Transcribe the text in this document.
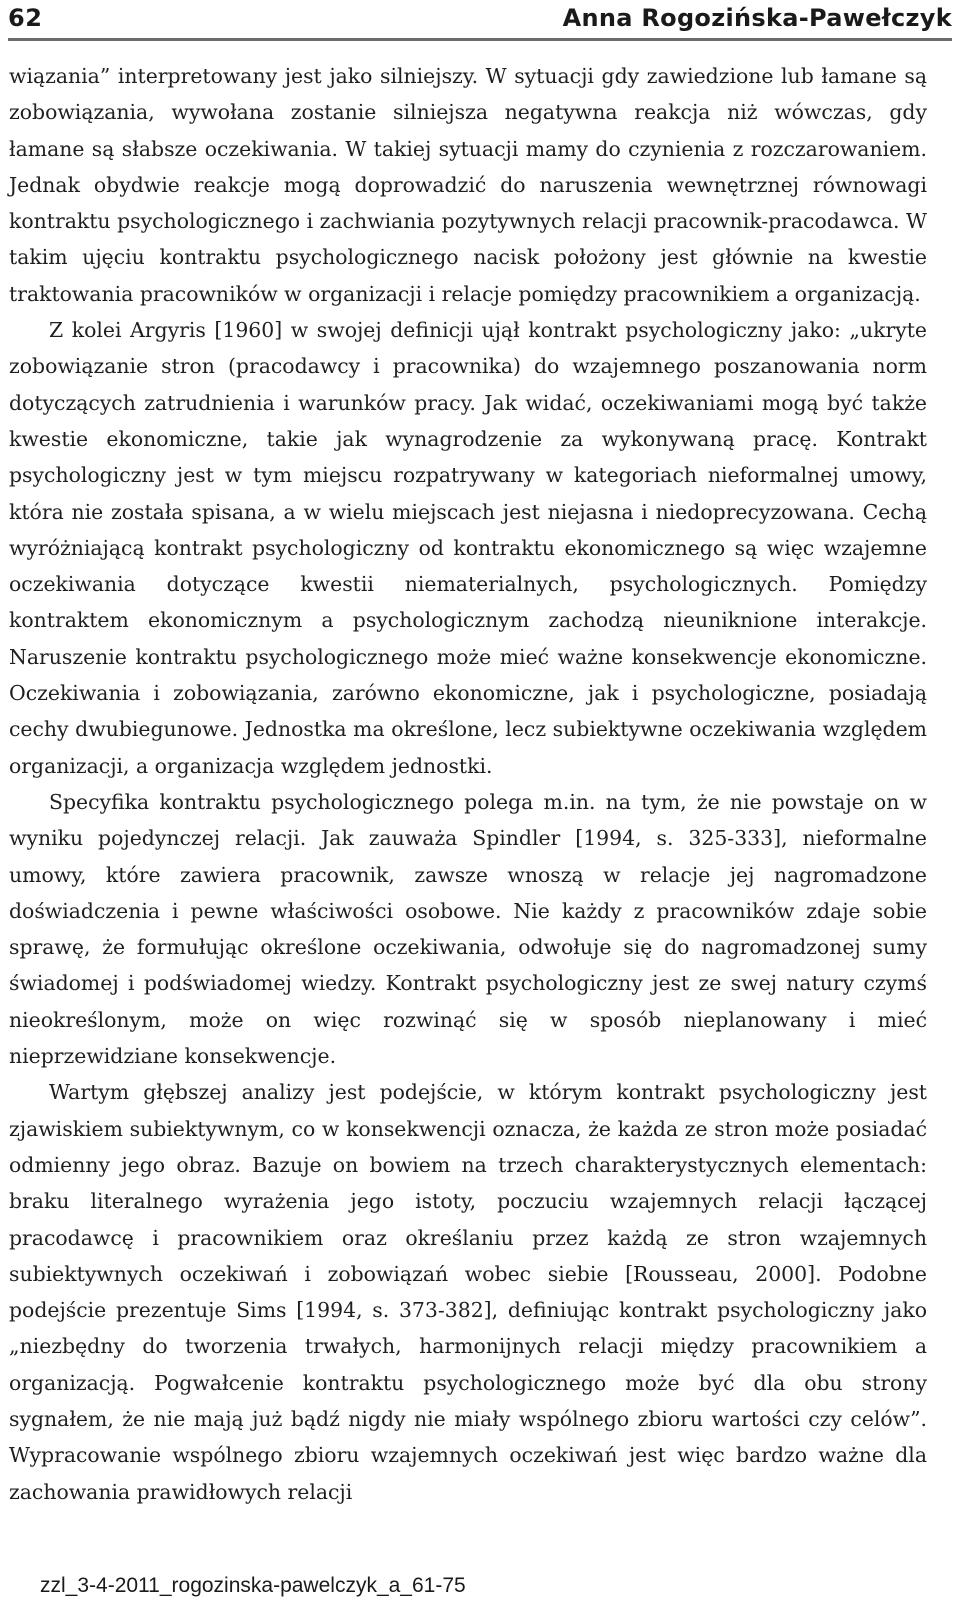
62	Anna Rogozińska-Pawełczyk

wiązania” interpretowany jest jako silniejszy. W sytuacji gdy zawiedzione lub łamane są zobowiązania, wywołana zostanie silniejsza negatywna reakcja niż wówczas, gdy łamane są słabsze oczekiwania. W takiej sytuacji mamy do czynienia z rozczarowaniem. Jednak obydwie reakcje mogą doprowadzić do naruszenia wewnętrznej równowagi kontraktu psychologicznego i zachwiania pozytywnych relacji pracownik-pracodawca. W takim ujęciu kontraktu psychologicznego nacisk położony jest głównie na kwestie traktowania pracowników w organizacji i relacje pomiędzy pracownikiem a organizacją.

Z kolei Argyris [1960] w swojej definicji ujął kontrakt psychologiczny jako: „ukryte zobowiązanie stron (pracodawcy i pracownika) do wzajemnego poszanowania norm dotyczących zatrudnienia i warunków pracy. Jak widać, oczekiwaniami mogą być także kwestie ekonomiczne, takie jak wynagrodzenie za wykonywaną pracę. Kontrakt psychologiczny jest w tym miejscu rozpatrywany w kategoriach nieformalnej umowy, która nie została spisana, a w wielu miejscach jest niejasna i niedoprecyzowana. Cechą wyróżniającą kontrakt psychologiczny od kontraktu ekonomicznego są więc wzajemne oczekiwania dotyczące kwestii niematerialnych, psychologicznych. Pomiędzy kontraktem ekonomicznym a psychologicznym zachodzą nieuniknione interakcje. Naruszenie kontraktu psychologicznego może mieć ważne konsekwencje ekonomiczne. Oczekiwania i zobowiązania, zarówno ekonomiczne, jak i psychologiczne, posiadają cechy dwubiegunowe. Jednostka ma określone, lecz subiektywne oczekiwania względem organizacji, a organizacja względem jednostki.

Specyfika kontraktu psychologicznego polega m.in. na tym, że nie powstaje on w wyniku pojedynczej relacji. Jak zauważa Spindler [1994, s. 325-333], nieformalne umowy, które zawiera pracownik, zawsze wnoszą w relacje jej nagromadzone doświadczenia i pewne właściwości osobowe. Nie każdy z pracowników zdaje sobie sprawę, że formułując określone oczekiwania, odwołuje się do nagromadzonej sumy świadomej i podświadomej wiedzy. Kontrakt psychologiczny jest ze swej natury czymś nieokreślonym, może on więc rozwinąć się w sposób nieplanowany i mieć nieprzewidziane konsekwencje.

Wartym głębszej analizy jest podejście, w którym kontrakt psychologiczny jest zjawiskiem subiektywnym, co w konsekwencji oznacza, że każda ze stron może posiadać odmienny jego obraz. Bazuje on bowiem na trzech charakterystycznych elementach: braku literalnego wyrażenia jego istoty, poczuciu wzajemnych relacji łączącej pracodawcę i pracownikiem oraz określaniu przez każdą ze stron wzajemnych subiektywnych oczekiwań i zobowiązań wobec siebie [Rousseau, 2000]. Podobne podejście prezentuje Sims [1994, s. 373-382], definiując kontrakt psychologiczny jako „niezbędny do tworzenia trwałych, harmonijnych relacji między pracownikiem a organizacją. Pogwałcenie kontraktu psychologicznego może być dla obu strony sygnałem, że nie mają już bądź nigdy nie miały wspólnego zbioru wartości czy celów”. Wypracowanie wspólnego zbioru wzajemnych oczekiwań jest więc bardzo ważne dla zachowania prawidłowych relacji

zzl_3-4-2011_rogozinska-pawelczyk_a_61-75
